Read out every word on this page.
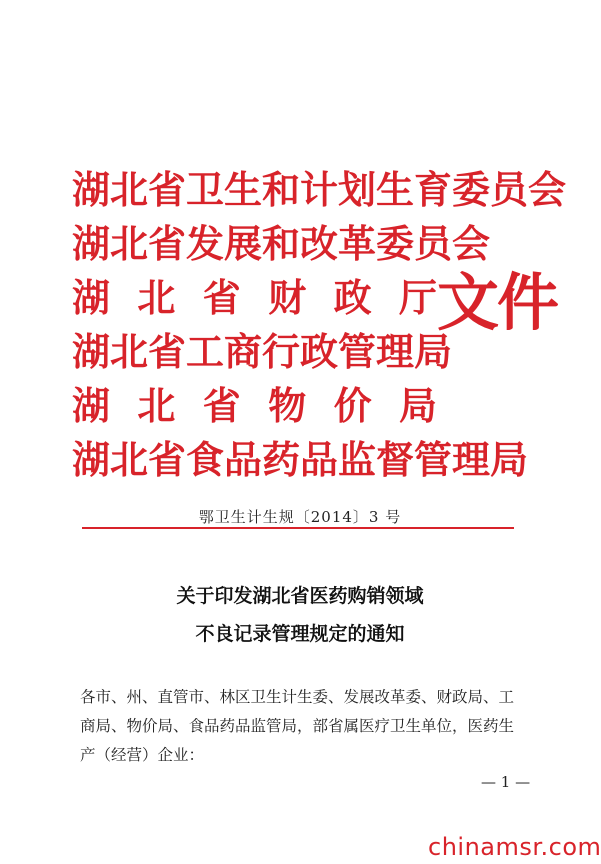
湖北省卫生和计划生育委员会
湖北省发展和改革委员会
湖北省财政厅
湖北省工商行政管理局
湖北省物价局
湖北省食品药品监督管理局
文件
鄂卫生计生规〔2014〕3 号
关于印发湖北省医药购销领域
不良记录管理规定的通知
各市、州、直管市、林区卫生计生委、发展改革委、财政局、工商局、物价局、食品药品监管局，部省属医疗卫生单位，医药生产（经营）企业：
— 1 —
chinamsr.com
